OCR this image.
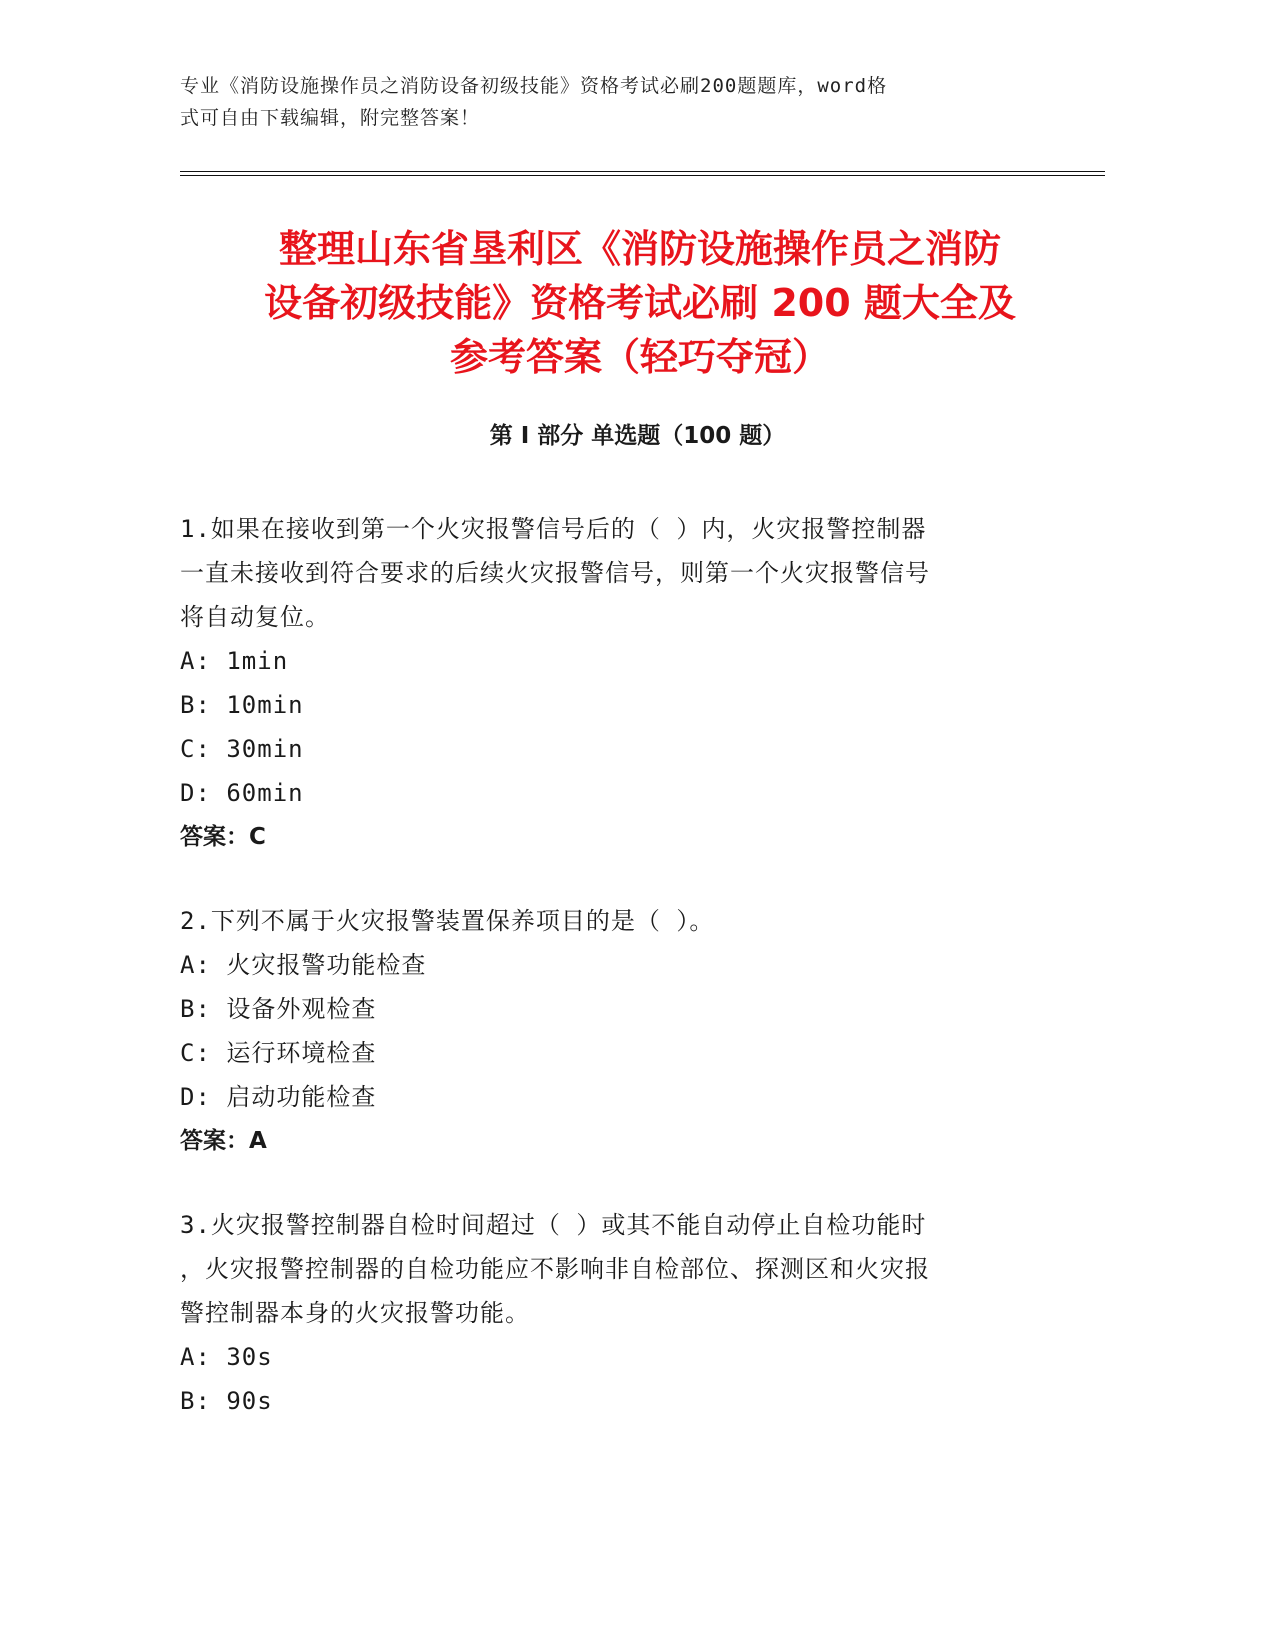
专业《消防设施操作员之消防设备初级技能》资格考试必刷200题题库，word格
式可自由下载编辑，附完整答案！
整理山东省垦利区《消防设施操作员之消防
设备初级技能》资格考试必刷 200 题大全及
参考答案（轻巧夺冠）
第 I 部分 单选题（100 题）
1.如果在接收到第一个火灾报警信号后的（ ）内，火灾报警控制器
一直未接收到符合要求的后续火灾报警信号，则第一个火灾报警信号
将自动复位。
A: 1min
B: 10min
C: 30min
D: 60min
答案：C
2.下列不属于火灾报警装置保养项目的是（ ）。
A: 火灾报警功能检查
B: 设备外观检查
C: 运行环境检查
D: 启动功能检查
答案：A
3.火灾报警控制器自检时间超过（ ）或其不能自动停止自检功能时
，火灾报警控制器的自检功能应不影响非自检部位、探测区和火灾报
警控制器本身的火灾报警功能。
A: 30s
B: 90s
